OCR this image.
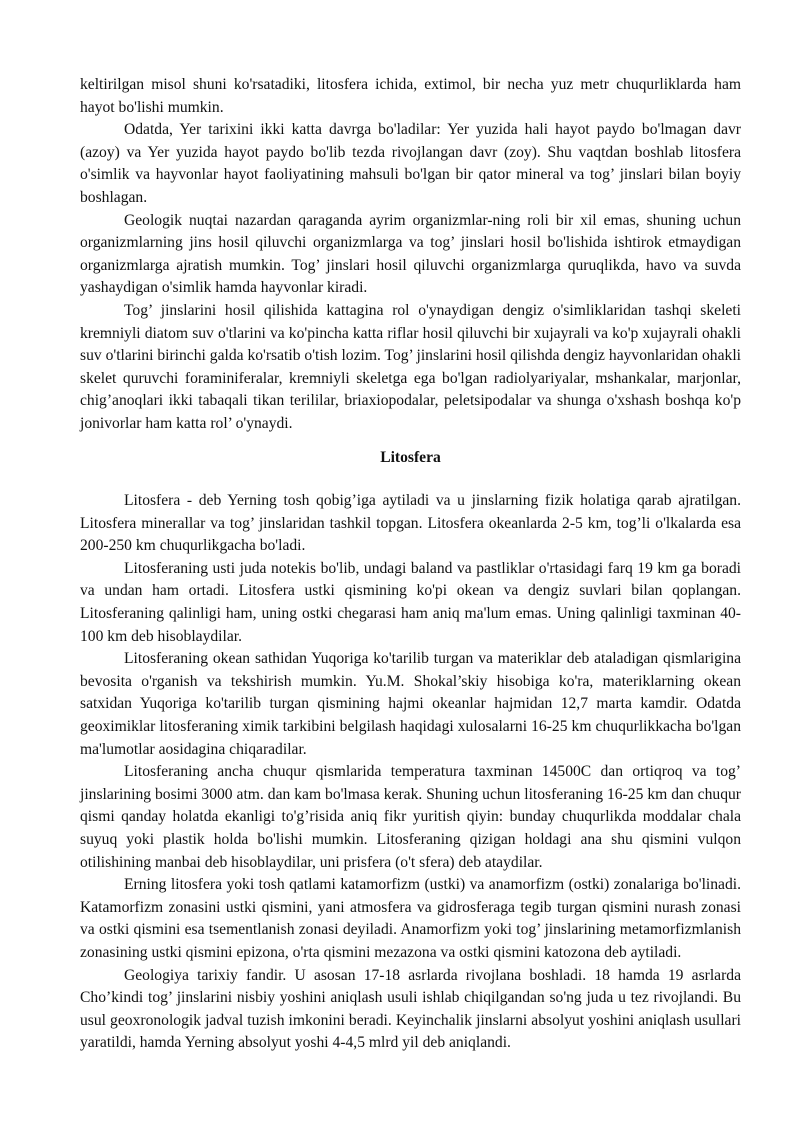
keltirilgan misol shuni ko'rsatadiki, litosfera ichida, extimol, bir necha yuz metr chuqurliklarda ham hayot bo'lishi mumkin.

Odatda, Yer tarixini ikki katta davrga bo'ladilar: Yer yuzida hali hayot paydo bo'lmagan davr (azoy) va Yer yuzida hayot paydo bo'lib tezda rivojlangan davr (zoy). Shu vaqtdan boshlab litosfera o'simlik va hayvonlar hayot faoliyatining mahsuli bo'lgan bir qator mineral va tog’ jinslari bilan boyiy boshlagan.

Geologik nuqtai nazardan qaraganda ayrim organizmlar-ning roli bir xil emas, shuning uchun organizmlarning jins hosil qiluvchi organizmlarga va tog’ jinslari hosil bo'lishida ishtirok etmaydigan organizmlarga ajratish mumkin. Tog’ jinslari hosil qiluvchi organizmlarga quruqlikda, havo va suvda yashaydigan o'simlik hamda hayvonlar kiradi.

Tog’ jinslarini hosil qilishida kattagina rol o'ynaydigan dengiz o'simliklaridan tashqi skeleti kremniyli diatom suv o'tlarini va ko'pincha katta riflar hosil qiluvchi bir xujayrali va ko'p xujayrali ohakli suv o'tlarini birinchi galda ko'rsatib o'tish lozim. Tog’ jinslarini hosil qilishda dengiz hayvonlaridan ohakli skelet quruvchi foraminiferalar, kremniyli skeletga ega bo'lgan radiolyariyalar, mshankalar, marjonlar, chig’anoqlari ikki tabaqali tikan terililar, briaxiopodalar, peletsipodalar va shunga o'xshash boshqa ko'p jonivorlar ham katta rol’ o'ynaydi.

Litosfera

Litosfera - deb Yerning tosh qobig’iga aytiladi va u jinslarning fizik holatiga qarab ajratilgan. Litosfera minerallar va tog’ jinslaridan tashkil topgan. Litosfera okeanlarda 2-5 km, tog’li o'lkalarda esa 200-250 km chuqurlikgacha bo'ladi.

Litosferaning usti juda notekis bo'lib, undagi baland va pastliklar o'rtasidagi farq 19 km ga boradi va undan ham ortadi. Litosfera ustki qismining ko'pi okean va dengiz suvlari bilan qoplangan. Litosferaning qalinligi ham, uning ostki chegarasi ham aniq ma'lum emas. Uning qalinligi taxminan 40-100 km deb hisoblaydilar.

Litosferaning okean sathidan Yuqoriga ko'tarilib turgan va materiklar deb ataladigan qismlarigina bevosita o'rganish va tekshirish mumkin. Yu.M. Shokal’skiy hisobiga ko'ra, materiklarning okean satxidan Yuqoriga ko'tarilib turgan qismining hajmi okeanlar hajmidan 12,7 marta kamdir. Odatda geoximiklar litosferaning ximik tarkibini belgilash haqidagi xulosalarni 16-25 km chuqurlikkacha bo'lgan ma'lumotlar aosidagina chiqaradilar.

Litosferaning ancha chuqur qismlarida temperatura taxminan 14500C dan ortiqroq va tog’ jinslarining bosimi 3000 atm. dan kam bo'lmasa kerak. Shuning uchun litosferaning 16-25 km dan chuqur qismi qanday holatda ekanligi to'g’risida aniq fikr yuritish qiyin: bunday chuqurlikda moddalar chala suyuq yoki plastik holda bo'lishi mumkin. Litosferaning qizigan holdagi ana shu qismini vulqon otilishining manbai deb hisoblaydilar, uni prisfera (o't sfera) deb ataydilar.

Erning litosfera yoki tosh qatlami katamorfizm (ustki) va anamorfizm (ostki) zonalariga bo'linadi. Katamorfizm zonasini ustki qismini, yani atmosfera va gidrosferaga tegib turgan qismini nurash zonasi va ostki qismini esa tsementlanish zonasi deyiladi. Anamorfizm yoki tog’ jinslarining metamorfizmlanish zonasining ustki qismini epizona, o'rta qismini mezazona va ostki qismini katozona deb aytiladi.

Geologiya tarixiy fandir. U asosan 17-18 asrlarda rivojlana boshladi. 18 hamda 19 asrlarda Cho’kindi tog’ jinslarini nisbiy yoshini aniqlash usuli ishlab chiqilgandan so'ng juda u tez rivojlandi. Bu usul geoxronologik jadval tuzish imkonini beradi. Keyinchalik jinslarni absolyut yoshini aniqlash usullari yaratildi, hamda Yerning absolyut yoshi 4-4,5 mlrd yil deb aniqlandi.
